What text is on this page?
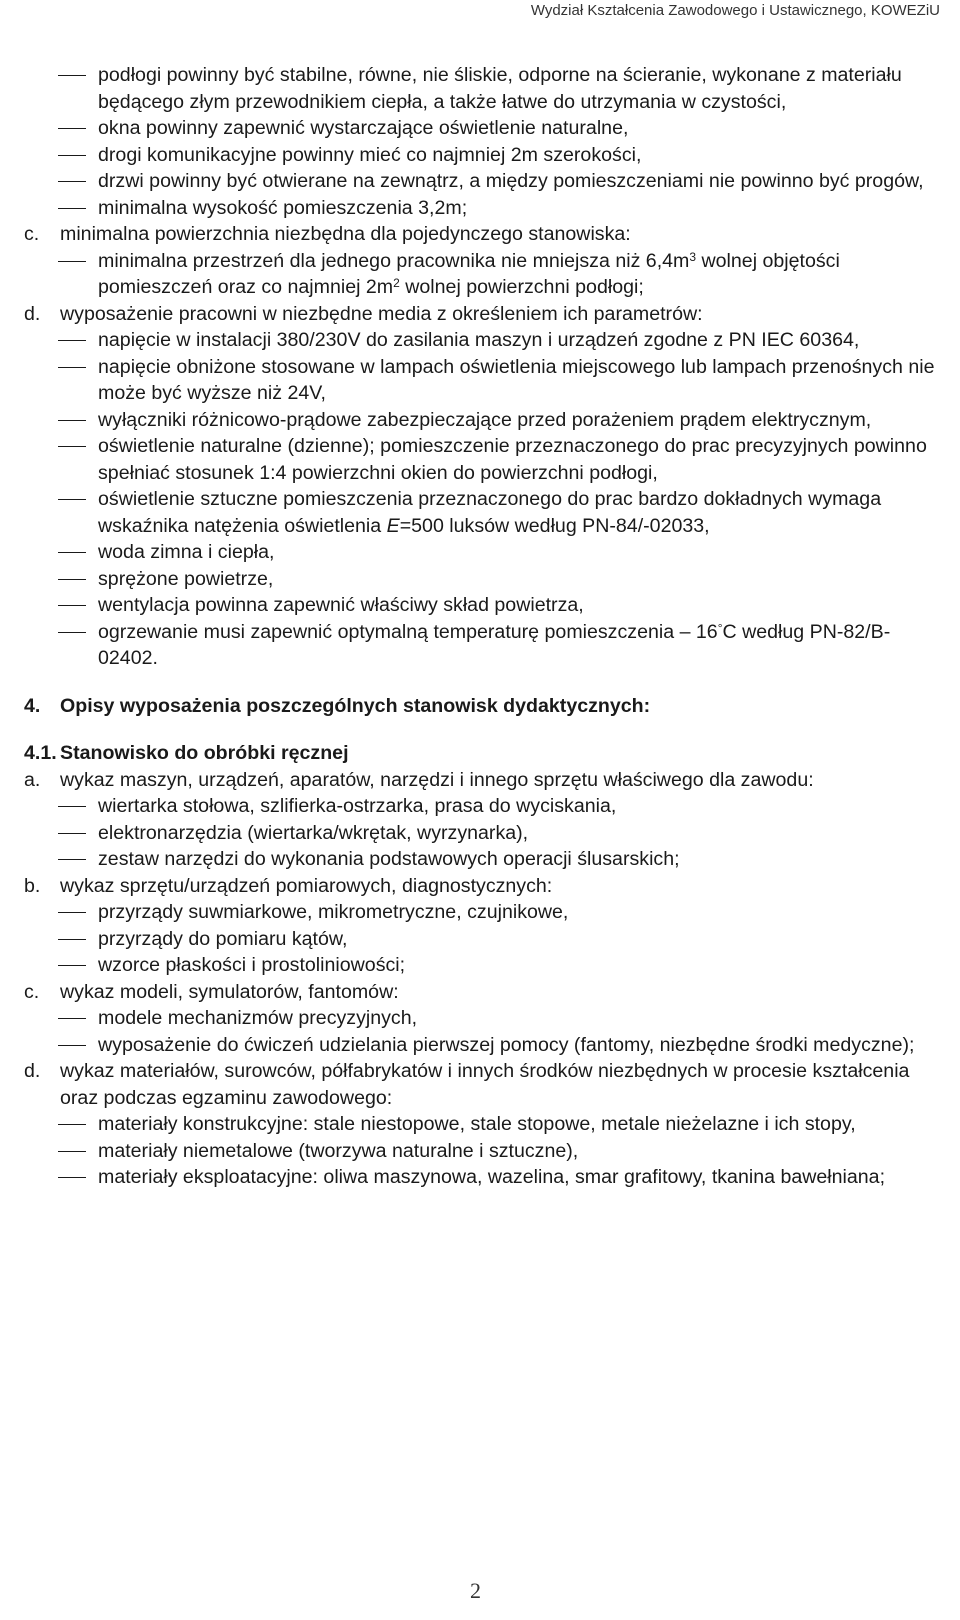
Wydział Kształcenia Zawodowego i Ustawicznego, KOWEZiU
podłogi powinny być stabilne, równe, nie śliskie, odporne na ścieranie, wykonane z materiału będącego złym przewodnikiem ciepła, a także łatwe do utrzymania w czystości,
okna powinny zapewnić wystarczające oświetlenie naturalne,
drogi komunikacyjne powinny mieć co najmniej 2m szerokości,
drzwi powinny być otwierane na zewnątrz, a między pomieszczeniami nie powinno być progów,
minimalna wysokość pomieszczenia 3,2m;
c. minimalna powierzchnia niezbędna dla pojedynczego stanowiska:
minimalna przestrzeń dla jednego pracownika nie mniejsza niż $6,4m^3$ wolnej objętości pomieszczeń oraz co najmniej $2m^2$ wolnej powierzchni podłogi;
d. wyposażenie pracowni w niezbędne media z określeniem ich parametrów:
napięcie w instalacji 380/230V do zasilania maszyn i urządzeń zgodne z PN IEC 60364,
napięcie obniżone stosowane w lampach oświetlenia miejscowego lub lampach przenośnych nie może być wyższe niż 24V,
wyłączniki różnicowo-prądowe zabezpieczające przed porażeniem prądem elektrycznym,
oświetlenie naturalne (dzienne); pomieszczenie przeznaczonego do prac precyzyjnych powinno spełniać stosunek 1:4 powierzchni okien do powierzchni podłogi,
oświetlenie sztuczne pomieszczenia przeznaczonego do prac bardzo dokładnych wymaga wskaźnika natężenia oświetlenia E=500 luksów według PN-84/-02033,
woda zimna i ciepła,
sprężone powietrze,
wentylacja powinna zapewnić właściwy skład powietrza,
ogrzewanie musi zapewnić optymalną temperaturę pomieszczenia – 16°C według PN-82/B-02402.
4. Opisy wyposażenia poszczególnych stanowisk dydaktycznych:
4.1. Stanowisko do obróbki ręcznej
a. wykaz maszyn, urządzeń, aparatów, narzędzi i innego sprzętu właściwego dla zawodu:
wiertarka stołowa, szlifierka-ostrzarka, prasa do wyciskania,
elektronarzędzia (wiertarka/wkrętak, wyrzynarka),
zestaw narzędzi do wykonania podstawowych operacji ślusarskich;
b. wykaz sprzętu/urządzeń pomiarowych, diagnostycznych:
przyrządy suwmiarkowe, mikrometryczne, czujnikowe,
przyrządy do pomiaru kątów,
wzorce płaskości i prostoliniowości;
c. wykaz modeli, symulatorów, fantomów:
modele mechanizmów precyzyjnych,
wyposażenie do ćwiczeń udzielania pierwszej pomocy (fantomy, niezbędne środki medyczne);
d. wykaz materiałów, surowców, półfabrykatów i innych środków niezbędnych w procesie kształcenia oraz podczas egzaminu zawodowego:
materiały konstrukcyjne: stale niestopowe, stale stopowe, metale nieżelazne i ich stopy,
materiały niemetalowe (tworzywa naturalne i sztuczne),
materiały eksploatacyjne: oliwa maszynowa, wazelina, smar grafitowy, tkanina bawełniana;
2
